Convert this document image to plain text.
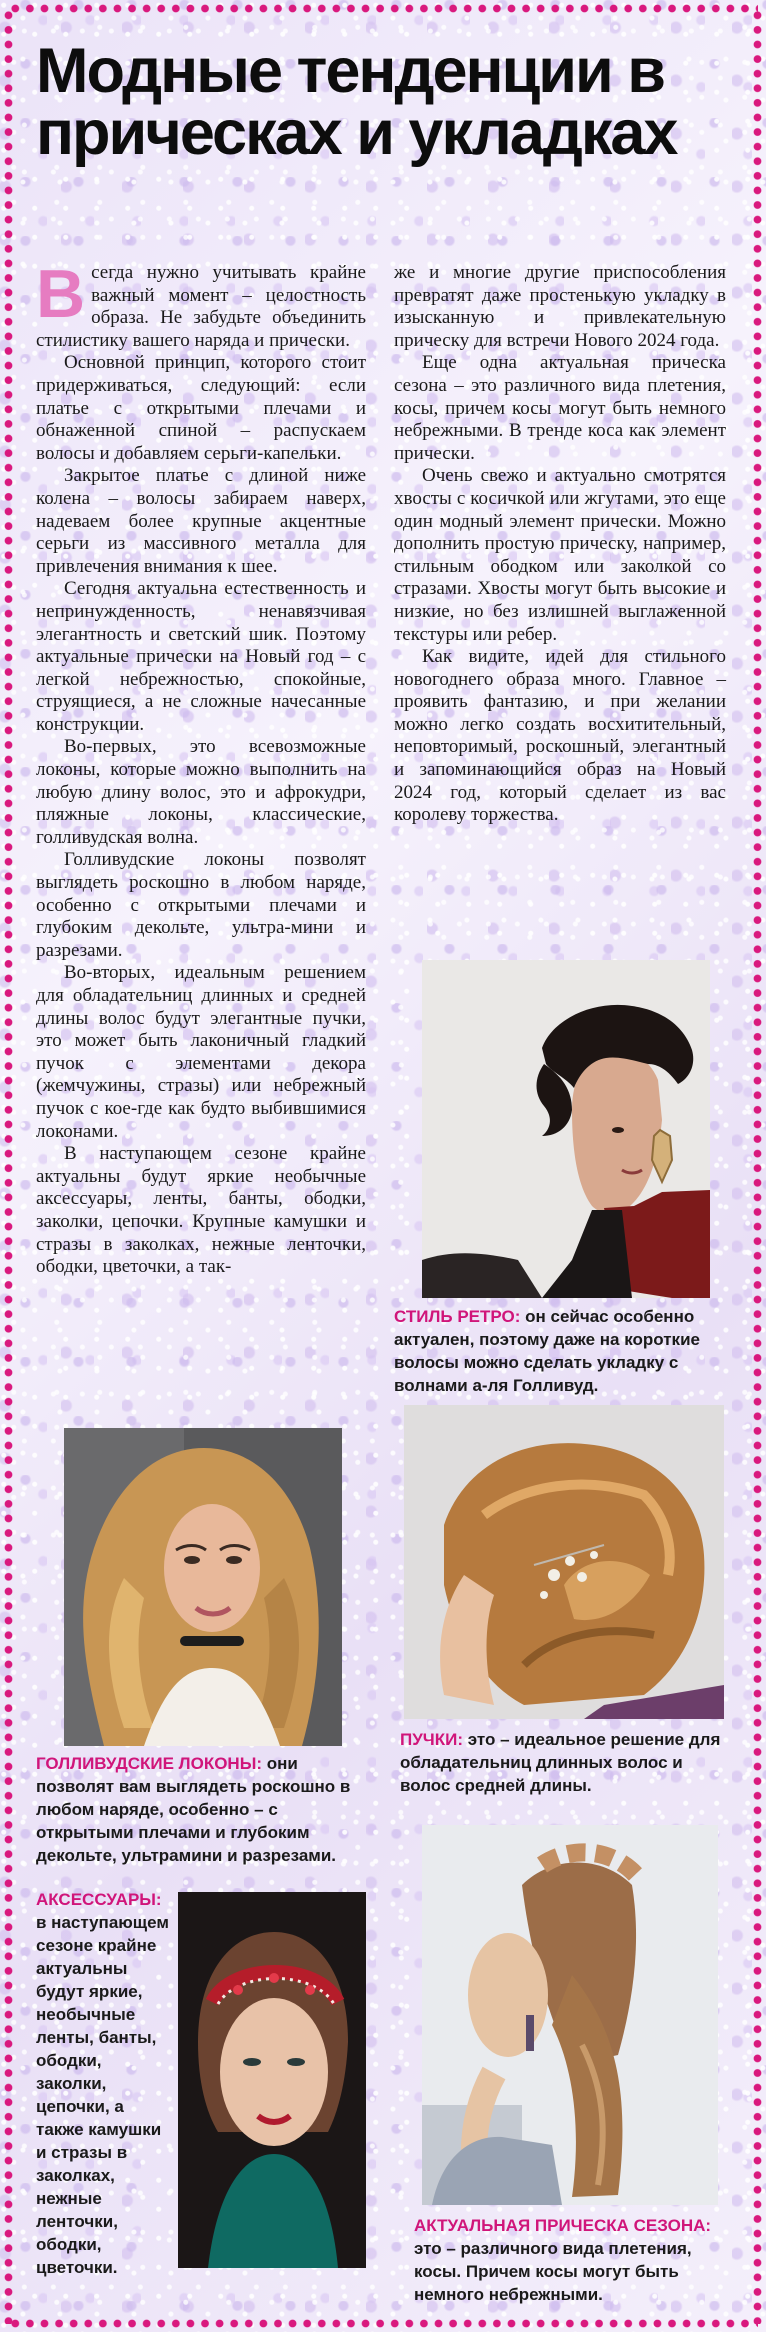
Модные тенденции в прическах и укладках

Всегда нужно учитывать крайне важный момент – целостность образа. Не забудьте объединить стилистику вашего наряда и прически.

Основной принцип, которого стоит придерживаться, следующий: если платье с открытыми плечами и обнаженной спиной – распускаем волосы и добавляем серьги-капельки.

Закрытое платье с длиной ниже колена – волосы забираем наверх, надеваем более крупные акцентные серьги из массивного металла для привлечения внимания к шее.

Сегодня актуальна естественность и непринужденность, ненавязчивая элегантность и светский шик. Поэтому актуальные прически на Новый год – с легкой небрежностью, спокойные, струящиеся, а не сложные начесанные конструкции.

Во-первых, это всевозможные локоны, которые можно выполнить на любую длину волос, это и афрокудри, пляжные локоны, классические, голливудская волна.

Голливудские локоны позволят выглядеть роскошно в любом наряде, особенно с открытыми плечами и глубоким декольте, ультра-мини и разрезами.

Во-вторых, идеальным решением для обладательниц длинных и средней длины волос будут элегантные пучки, это может быть лаконичный гладкий пучок с элементами декора (жемчужины, стразы) или небрежный пучок с кое-где как будто выбившимися локонами.

В наступающем сезоне крайне актуальны будут яркие необычные аксессуары, ленты, банты, ободки, заколки, цепочки. Крупные камушки и стразы в заколках, нежные ленточки, ободки, цветочки, а так-

же и многие другие приспособления превратят даже простенькую укладку в изысканную и привлекательную прическу для встречи Нового 2024 года.

Еще одна актуальная прическа сезона – это различного вида плетения, косы, причем косы могут быть немного небрежными. В тренде коса как элемент прически.

Очень свежо и актуально смотрятся хвосты с косичкой или жгутами, это еще один модный элемент прически. Можно дополнить простую прическу, например, стильным ободком или заколкой со стразами. Хвосты могут быть высокие и низкие, но без излишней выглаженной текстуры или ребер.

Как видите, идей для стильного новогоднего образа много. Главное – проявить фантазию, и при желании можно легко создать восхитительный, неповторимый, роскошный, элегантный и запоминающийся образ на Новый 2024 год, который сделает из вас королеву торжества.

СТИЛЬ РЕТРО: он сейчас особенно актуален, поэтому даже на короткие волосы можно сделать укладку с волнами а-ля Голливуд.
ГОЛЛИВУДСКИЕ ЛОКОНЫ: они позволят вам выглядеть роскошно в любом наряде, особенно – с открытыми плечами и глубоким декольте, ультрамини и разрезами.
ПУЧКИ: это – идеальное решение для обладательниц длинных волос и волос средней длины.
АКСЕССУАРЫ: в наступающем сезоне крайне актуальны будут яркие, необычные ленты, банты, ободки, заколки, цепочки, а также камушки и стразы в заколках, нежные ленточки, ободки, цветочки.
АКТУАЛЬНАЯ ПРИЧЕСКА СЕЗОНА: это – различного вида плетения, косы. Причем косы могут быть немного небрежными.
